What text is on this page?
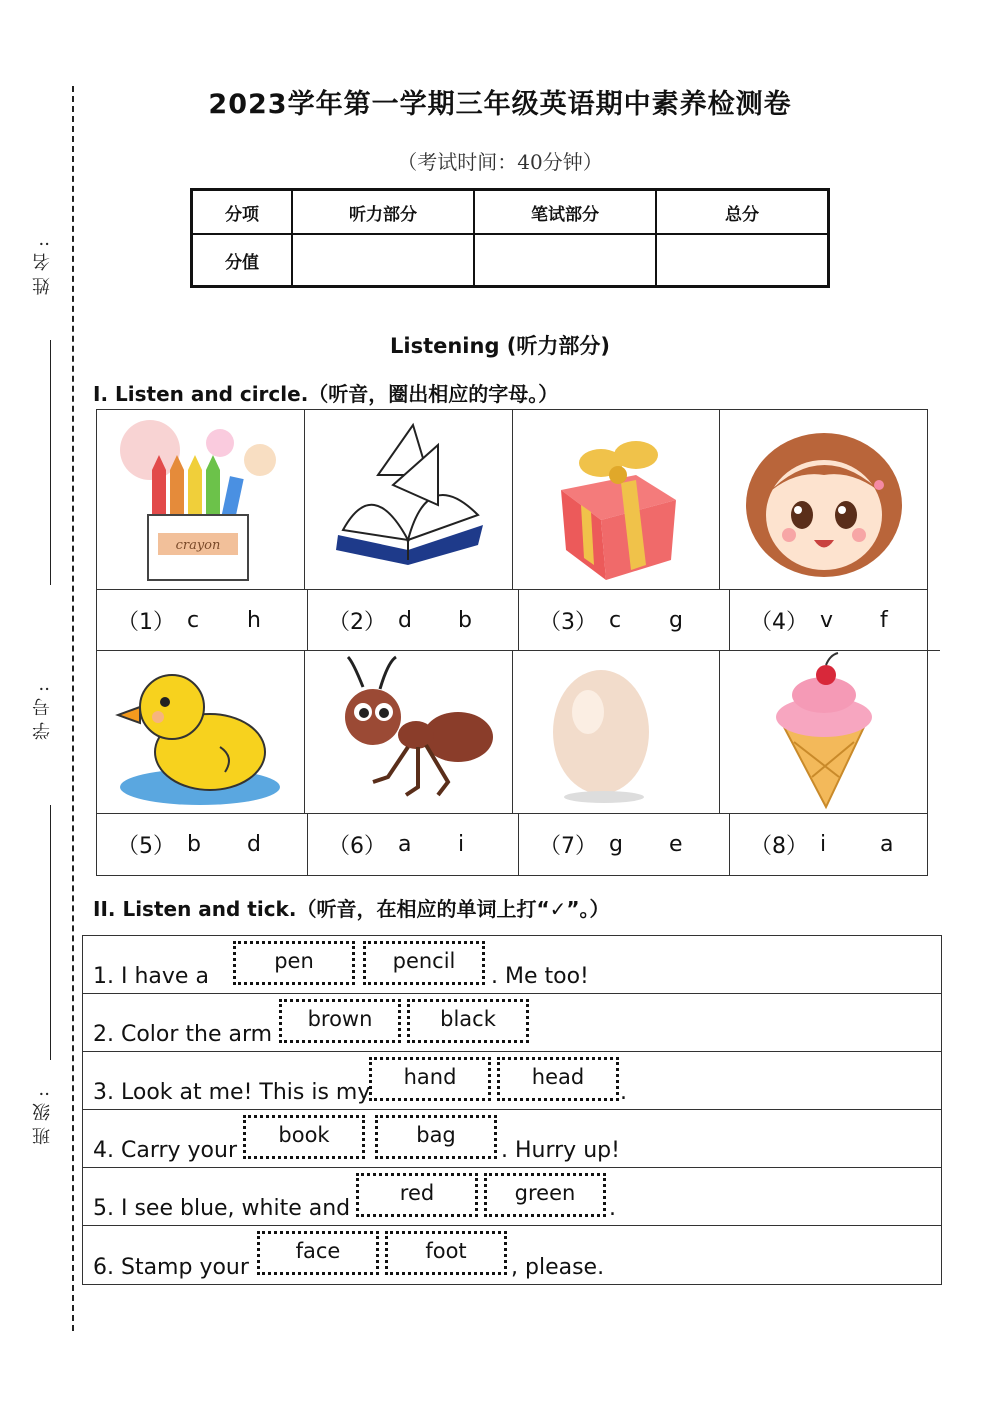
姓名:
学号:
班级:
2023学年第一学期三年级英语期中素养检测卷
（考试时间：40分钟）
分项	听力部分	笔试部分	总分
分值			
Listening (听力部分)
I. Listen and circle.（听音，圈出相应的字母。）
crayon
（1） c	h	（2） d	b	（3） c	g	（4） v	f
（5） b	d	（6） a	i	（7） g	e	（8） i	a
II. Listen and tick.（听音，在相应的单词上打“✓”。）
1. I have a
pen	pencil
. Me too!
2. Color the arm
brown	black
3. Look at me! This is my
hand	head
.
4. Carry your
book	bag
. Hurry up!
5. I see blue, white and
red	green
.
6. Stamp your
face	foot
, please.
